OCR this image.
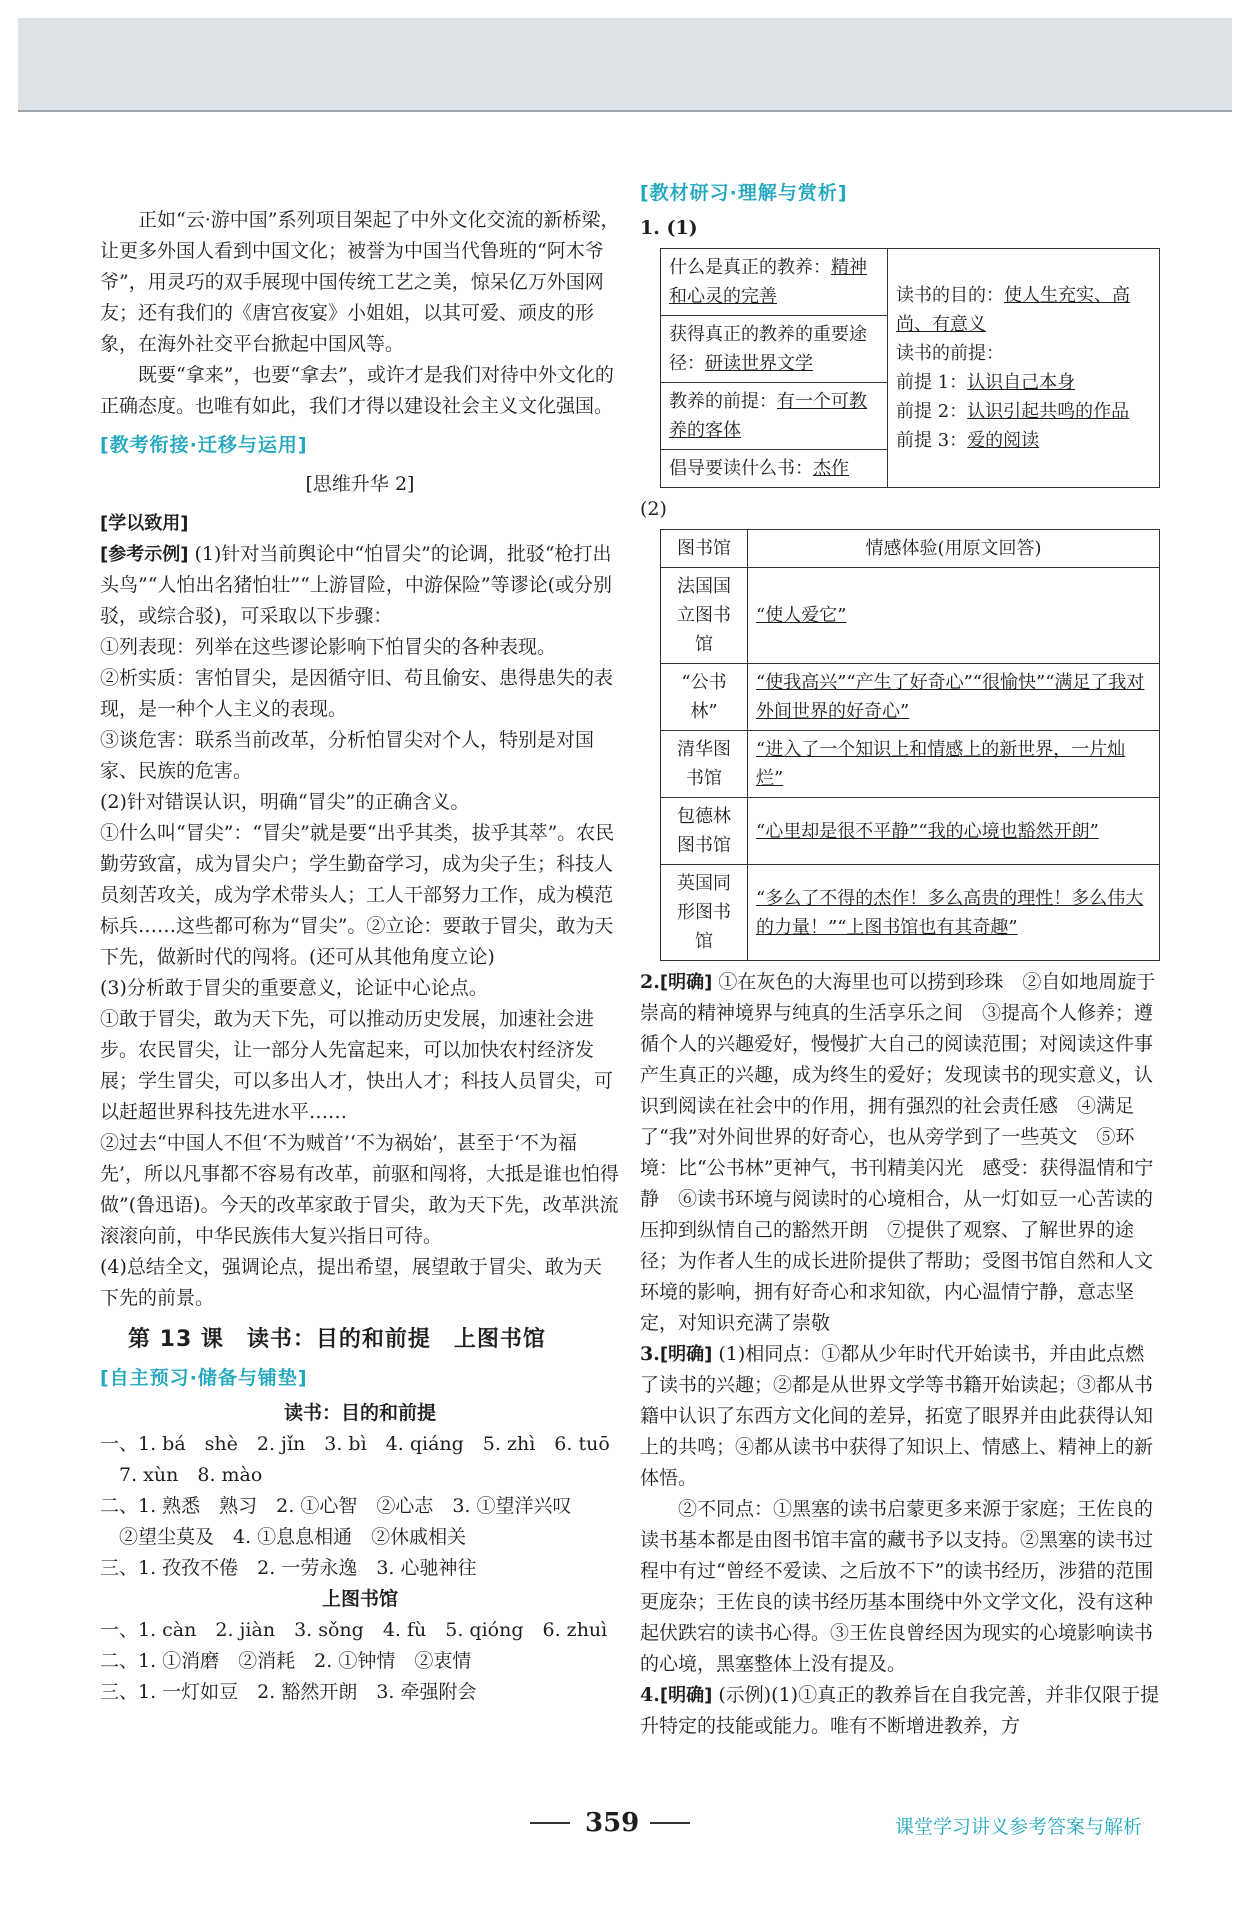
正如“云·游中国”系列项目架起了中外文化交流的新桥梁，让更多外国人看到中国文化；被誉为中国当代鲁班的“阿木爷爷”，用灵巧的双手展现中国传统工艺之美，惊呆亿万外国网友；还有我们的《唐宫夜宴》小姐姐，以其可爱、顽皮的形象，在海外社交平台掀起中国风等。

既要“拿来”，也要“拿去”，或许才是我们对待中外文化的正确态度。也唯有如此，我们才得以建设社会主义文化强国。

[教考衔接·迁移与运用]
[思维升华 2]
[学以致用]

[参考示例] (1)针对当前舆论中“怕冒尖”的论调，批驳“枪打出头鸟”“人怕出名猪怕壮”“上游冒险，中游保险”等谬论(或分别驳，或综合驳)，可采取以下步骤：

①列表现：列举在这些谬论影响下怕冒尖的各种表现。

②析实质：害怕冒尖，是因循守旧、苟且偷安、患得患失的表现，是一种个人主义的表现。

③谈危害：联系当前改革，分析怕冒尖对个人，特别是对国家、民族的危害。

(2)针对错误认识，明确“冒尖”的正确含义。

①什么叫“冒尖”：“冒尖”就是要“出乎其类，拔乎其萃”。农民勤劳致富，成为冒尖户；学生勤奋学习，成为尖子生；科技人员刻苦攻关，成为学术带头人；工人干部努力工作，成为模范标兵……这些都可称为“冒尖”。②立论：要敢于冒尖，敢为天下先，做新时代的闯将。(还可从其他角度立论)

(3)分析敢于冒尖的重要意义，论证中心论点。

①敢于冒尖，敢为天下先，可以推动历史发展，加速社会进步。农民冒尖，让一部分人先富起来，可以加快农村经济发展；学生冒尖，可以多出人才，快出人才；科技人员冒尖，可以赶超世界科技先进水平……

②过去“中国人不但‘不为贼首’‘不为祸始’，甚至于‘不为福先’，所以凡事都不容易有改革，前驱和闯将，大抵是谁也怕得做”(鲁迅语)。今天的改革家敢于冒尖，敢为天下先，改革洪流滚滚向前，中华民族伟大复兴指日可待。

(4)总结全文，强调论点，提出希望，展望敢于冒尖、敢为天下先的前景。

第 13 课　读书：目的和前提　上图书馆
[自主预习·储备与铺垫]
读书：目的和前提

一、1. bá　shè　2. jǐn　3. bì　4. qiáng　5. zhì　6. tuō

　7. xùn　8. mào

二、1. 熟悉　熟习　2. ①心智　②心志　3. ①望洋兴叹

　②望尘莫及　4. ①息息相通　②休戚相关

三、1. 孜孜不倦　2. 一劳永逸　3. 心驰神往

上图书馆

一、1. càn　2. jiàn　3. sǒng　4. fù　5. qióng　6. zhuì

二、1. ①消磨　②消耗　2. ①钟情　②衷情

三、1. 一灯如豆　2. 豁然开朗　3. 牵强附会

[教材研习·理解与赏析]
1. (1)
什么是真正的教养：精神和心灵的完善	读书的目的：使人生充实、高尚、有意义
读书的前提：
前提 1：认识自己本身
前提 2：认识引起共鸣的作品
前提 3：爱的阅读

获得真正的教养的重要途径：研读世界文学
教养的前提：有一个可教养的客体
倡导要读什么书：杰作
(2)
图书馆	情感体验(用原文回答)
法国国立图书馆	“使人爱它”
“公书林”	“使我高兴”“产生了好奇心”“很愉快”“满足了我对外间世界的好奇心”
清华图书馆	“进入了一个知识上和情感上的新世界，一片灿烂”
包德林图书馆	“心里却是很不平静”“我的心境也豁然开朗”
英国同形图书馆	“多么了不得的杰作！多么高贵的理性！多么伟大的力量！”“上图书馆也有其奇趣”

2.[明确] ①在灰色的大海里也可以捞到珍珠　②自如地周旋于崇高的精神境界与纯真的生活享乐之间　③提高个人修养；遵循个人的兴趣爱好，慢慢扩大自己的阅读范围；对阅读这件事产生真正的兴趣，成为终生的爱好；发现读书的现实意义，认识到阅读在社会中的作用，拥有强烈的社会责任感　④满足了“我”对外间世界的好奇心，也从旁学到了一些英文　⑤环境：比“公书林”更神气，书刊精美闪光　感受：获得温情和宁静　⑥读书环境与阅读时的心境相合，从一灯如豆一心苦读的压抑到纵情自己的豁然开朗　⑦提供了观察、了解世界的途径；为作者人生的成长进阶提供了帮助；受图书馆自然和人文环境的影响，拥有好奇心和求知欲，内心温情宁静，意志坚定，对知识充满了崇敬

3.[明确] (1)相同点：①都从少年时代开始读书，并由此点燃了读书的兴趣；②都是从世界文学等书籍开始读起；③都从书籍中认识了东西方文化间的差异，拓宽了眼界并由此获得认知上的共鸣；④都从读书中获得了知识上、情感上、精神上的新体悟。

②不同点：①黑塞的读书启蒙更多来源于家庭；王佐良的读书基本都是由图书馆丰富的藏书予以支持。②黑塞的读书过程中有过“曾经不爱读、之后放不下”的读书经历，涉猎的范围更庞杂；王佐良的读书经历基本围绕中外文学文化，没有这种起伏跌宕的读书心得。③王佐良曾经因为现实的心境影响读书的心境，黑塞整体上没有提及。

4.[明确] (示例)(1)①真正的教养旨在自我完善，并非仅限于提升特定的技能或能力。唯有不断增进教养，方

359	课堂学习讲义参考答案与解析
